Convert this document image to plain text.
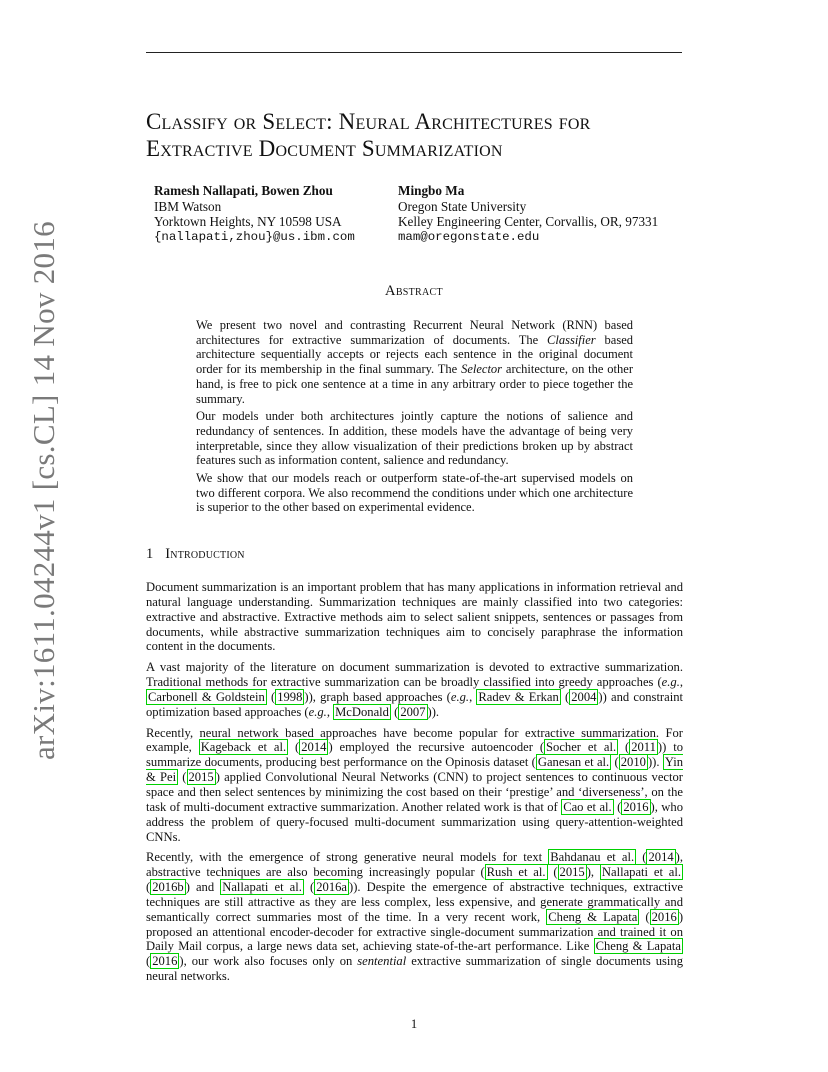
arXiv:1611.04244v1 [cs.CL] 14 Nov 2016
Classify or Select: Neural Architectures for
Extractive Document Summarization
Ramesh Nallapati, Bowen Zhou
IBM Watson
Yorktown Heights, NY 10598 USA
{nallapati,zhou}@us.ibm.com
Mingbo Ma
Oregon State University
Kelley Engineering Center, Corvallis, OR, 97331
mam@oregonstate.edu
Abstract

We present two novel and contrasting Recurrent Neural Network (RNN) based architectures for extractive summarization of documents. The Classifier based architecture sequentially accepts or rejects each sentence in the original document order for its membership in the final summary. The Selector architecture, on the other hand, is free to pick one sentence at a time in any arbitrary order to piece together the summary.

Our models under both architectures jointly capture the notions of salience and redundancy of sentences. In addition, these models have the advantage of being very interpretable, since they allow visualization of their predictions broken up by abstract features such as information content, salience and redundancy.

We show that our models reach or outperform state-of-the-art supervised models on two different corpora. We also recommend the conditions under which one architecture is superior to the other based on experimental evidence.

1 Introduction

Document summarization is an important problem that has many applications in information retrieval and natural language understanding. Summarization techniques are mainly classified into two categories: extractive and abstractive. Extractive methods aim to select salient snippets, sentences or passages from documents, while abstractive summarization techniques aim to concisely paraphrase the information content in the documents.

A vast majority of the literature on document summarization is devoted to extractive summarization. Traditional methods for extractive summarization can be broadly classified into greedy approaches (e.g., Carbonell & Goldstein ( 1998 )), graph based approaches (e.g., Radev & Erkan ( 2004 )) and constraint optimization based approaches (e.g., McDonald ( 2007 )).

Recently, neural network based approaches have become popular for extractive summarization. For example, Kageback et al. ( 2014 ) employed the recursive autoencoder ( Socher et al. ( 2011 )) to summarize documents, producing best performance on the Opinosis dataset ( Ganesan et al. ( 2010 )). Yin & Pei ( 2015 ) applied Convolutional Neural Networks (CNN) to project sentences to continuous vector space and then select sentences by minimizing the cost based on their ‘prestige’ and ‘diverseness’, on the task of multi-document extractive summarization. Another related work is that of Cao et al. ( 2016 ), who address the problem of query-focused multi-document summarization using query-attention-weighted CNNs.

Recently, with the emergence of strong generative neural models for text Bahdanau et al. ( 2014 ), abstractive techniques are also becoming increasingly popular ( Rush et al. ( 2015 ), Nallapati et al. ( 2016b ) and Nallapati et al. ( 2016a )). Despite the emergence of abstractive techniques, extractive techniques are still attractive as they are less complex, less expensive, and generate grammatically and semantically correct summaries most of the time. In a very recent work, Cheng & Lapata ( 2016 ) proposed an attentional encoder-decoder for extractive single-document summarization and trained it on Daily Mail corpus, a large news data set, achieving state-of-the-art performance. Like Cheng & Lapata ( 2016 ), our work also focuses only on sentential extractive summarization of single documents using neural networks.

1
